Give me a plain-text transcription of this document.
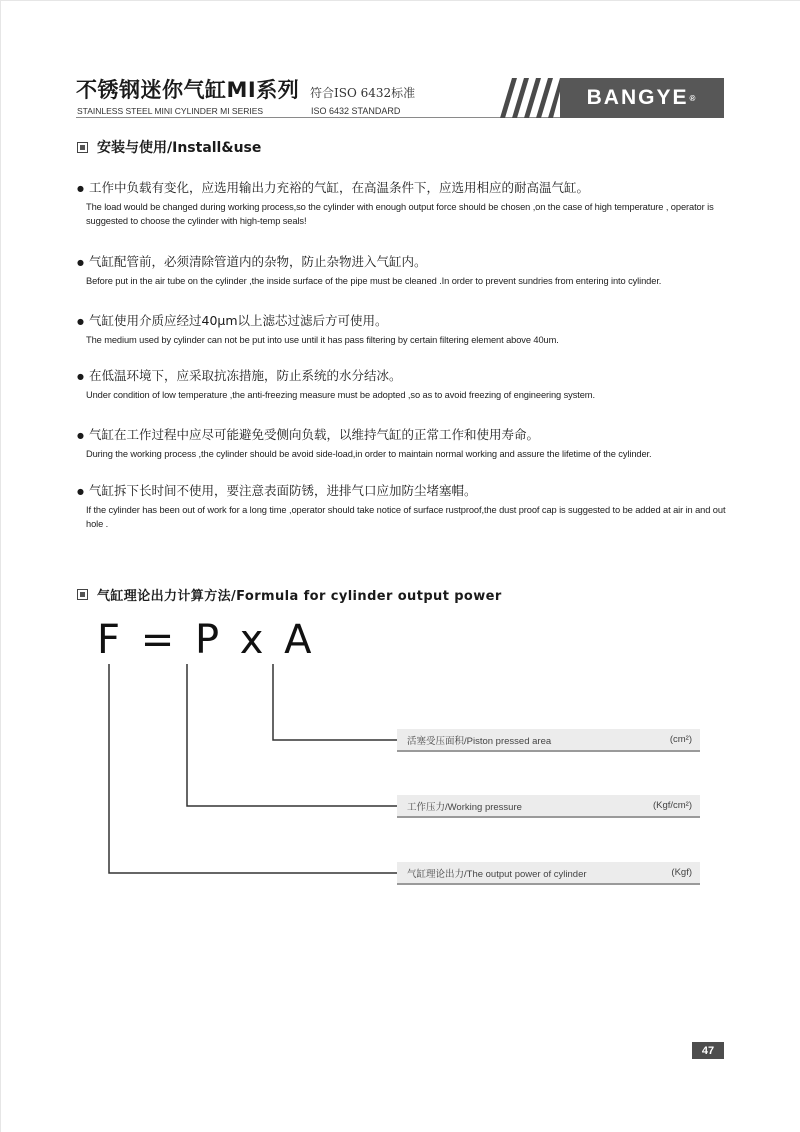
不锈钢迷你气缸MI系列
STAINLESS STEEL MINI CYLINDER MI SERIES
符合ISO 6432标准
ISO 6432 STANDARD
BANGYE ®
安装与使用/Install&use
● 工作中负载有变化，应选用输出力充裕的气缸，在高温条件下，应选用相应的耐高温气缸。
The load would be changed during working process,so the cylinder with enough output force should be chosen ,on the case of high temperature , operator is suggested to choose the cylinder with high-temp seals!
● 气缸配管前，必须清除管道内的杂物，防止杂物进入气缸内。
Before put in the air tube on the cylinder ,the inside surface of the pipe must be cleaned .In order to prevent sundries from entering into cylinder.
● 气缸使用介质应经过40μm以上滤芯过滤后方可使用。
The medium used by cylinder can not be put into use until it has pass filtering by certain filtering element above 40um.
● 在低温环境下，应采取抗冻措施，防止系统的水分结冰。
Under condition of low temperature ,the anti-freezing measure must be adopted ,so as to avoid freezing of engineering system.
● 气缸在工作过程中应尽可能避免受侧向负载，以维持气缸的正常工作和使用寿命。
During the working process ,the cylinder should be avoid side-load,in order to maintain normal working and assure the lifetime of the cylinder.
● 气缸拆下长时间不使用，要注意表面防锈，进排气口应加防尘堵塞帽。
If the cylinder has been out of work for a long time ,operator should take notice of surface rustproof,the dust proof cap is suggested to be added at air in and out hole .
气缸理论出力计算方法/Formula for cylinder output power
F = P x A
活塞受压面积/Piston pressed area	(cm²)
工作压力/Working pressure	(Kgf/cm²)
气缸理论出力/The output power of cylinder	(Kgf)
47
